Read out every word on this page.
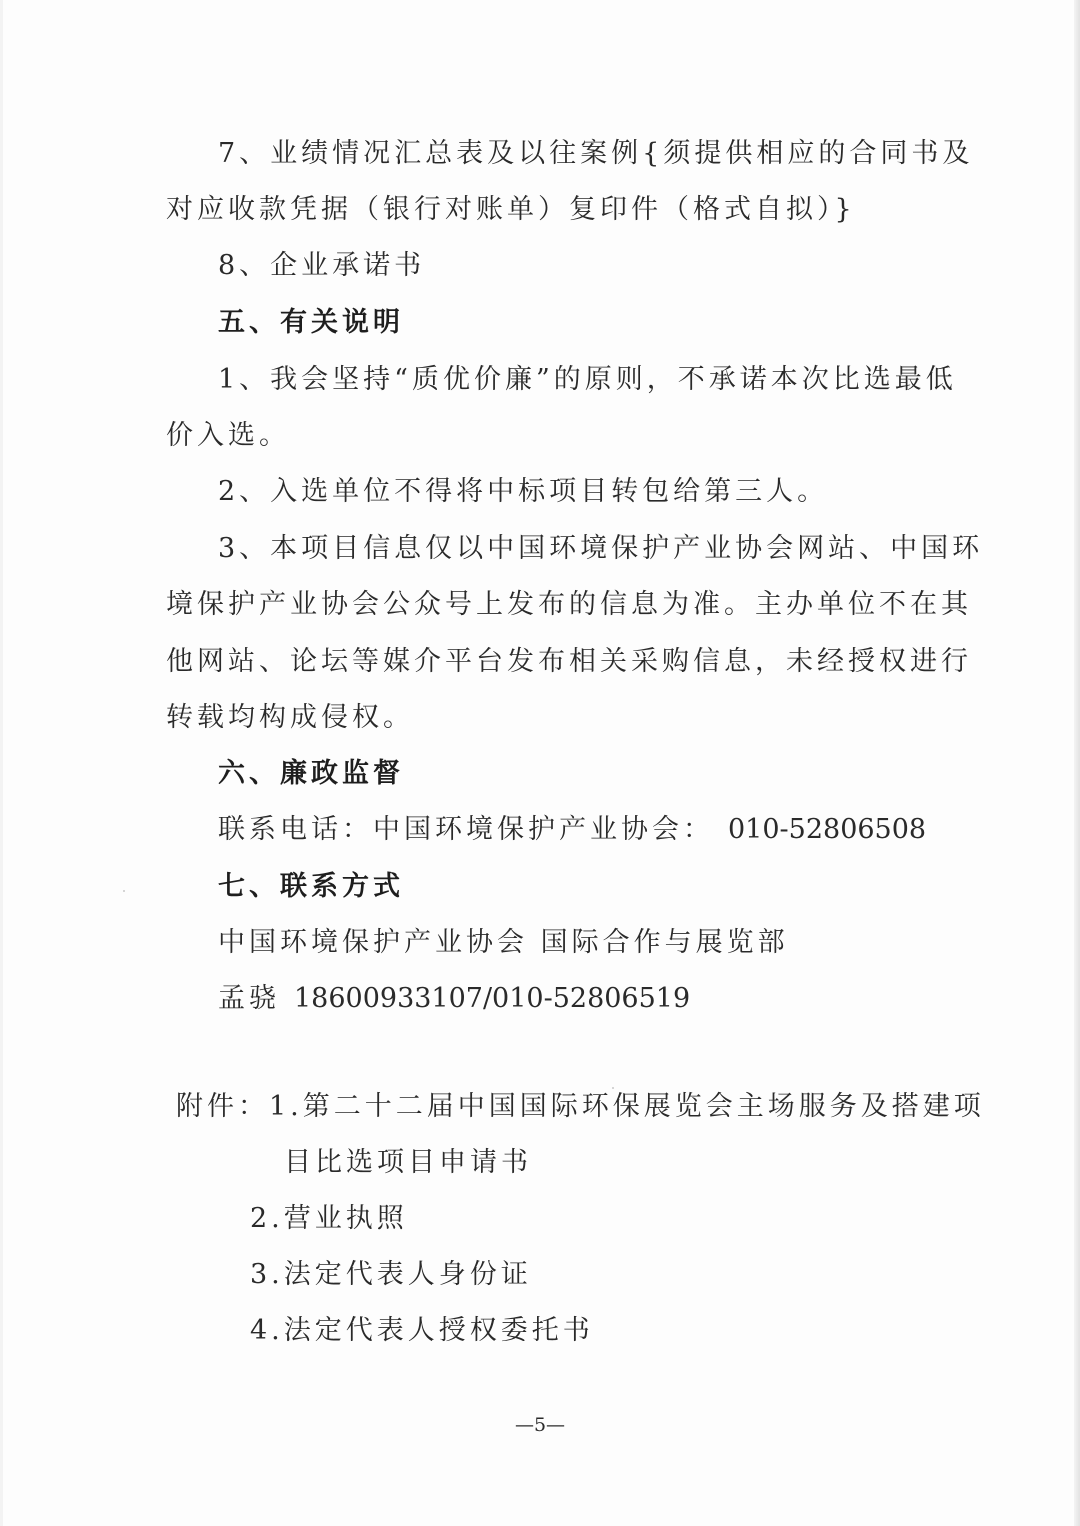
7、业绩情况汇总表及以往案例{须提供相应的合同书及
对应收款凭据（银行对账单）复印件（格式自拟）}
8、企业承诺书
五、有关说明
1、我会坚持“质优价廉”的原则，不承诺本次比选最低
价入选。
2、入选单位不得将中标项目转包给第三人。
3、本项目信息仅以中国环境保护产业协会网站、中国环
境保护产业协会公众号上发布的信息为准。主办单位不在其
他网站、论坛等媒介平台发布相关采购信息，未经授权进行
转载均构成侵权。
六、廉政监督
联系电话：中国环境保护产业协会： 010-52806508
七、联系方式
中国环境保护产业协会 国际合作与展览部
孟骁 18600933107/010-52806519
附件：1.第二十二届中国国际环保展览会主场服务及搭建项
目比选项目申请书
2.营业执照
3.法定代表人身份证
4.法定代表人授权委托书
—5—
